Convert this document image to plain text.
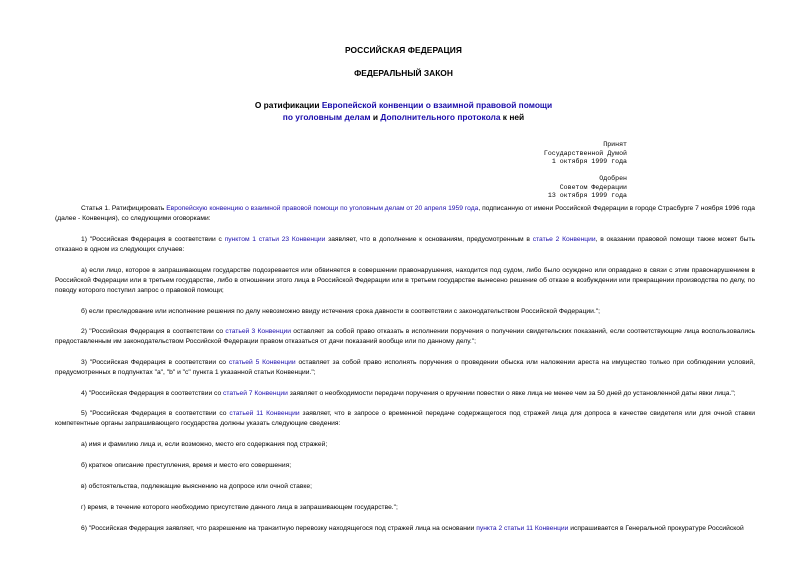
РОССИЙСКАЯ ФЕДЕРАЦИЯ
ФЕДЕРАЛЬНЫЙ ЗАКОН
О ратификации Европейской конвенции о взаимной правовой помощи
по уголовным делам и Дополнительного протокола к ней
Принят
Государственной Думой
1 октября 1999 года
Одобрен
Советом Федерации
13 октября 1999 года

Статья 1. Ратифицировать Европейскую конвенцию о взаимной правовой помощи по уголовным делам от 20 апреля 1959 года, подписанную от имени Российской Федерации в городе Страсбурге 7 ноября 1996 года (далее - Конвенция), со следующими оговорками:

1) "Российская Федерация в соответствии с пунктом 1 статьи 23 Конвенции заявляет, что в дополнение к основаниям, предусмотренным в статье 2 Конвенции, в оказании правовой помощи также может быть отказано в одном из следующих случаев:

а) если лицо, которое в запрашивающем государстве подозревается или обвиняется в совершении правонарушения, находится под судом, либо было осуждено или оправдано в связи с этим правонарушением в Российской Федерации или в третьем государстве, либо в отношении этого лица в Российской Федерации или в третьем государстве вынесено решение об отказе в возбуждении или прекращении производства по делу, по поводу которого поступил запрос о правовой помощи;

б) если преследование или исполнение решения по делу невозможно ввиду истечения срока давности в соответствии с законодательством Российской Федерации.";

2) "Российская Федерация в соответствии со статьей 3 Конвенции оставляет за собой право отказать в исполнении поручения о получении свидетельских показаний, если соответствующие лица воспользовались предоставленным им законодательством Российской Федерации правом отказаться от дачи показаний вообще или по данному делу.";

3) "Российская Федерация в соответствии со статьей 5 Конвенции оставляет за собой право исполнять поручения о проведении обыска или наложении ареста на имущество только при соблюдении условий, предусмотренных в подпунктах "a", "b" и "c" пункта 1 указанной статьи Конвенции.";

4) "Российская Федерация в соответствии со статьей 7 Конвенции заявляет о необходимости передачи поручения о вручении повестки о явке лица не менее чем за 50 дней до установленной даты явки лица.";

5) "Российская Федерация в соответствии со статьей 11 Конвенции заявляет, что в запросе о временной передаче содержащегося под стражей лица для допроса в качестве свидетеля или для очной ставки компетентные органы запрашивающего государства должны указать следующие сведения:

а) имя и фамилию лица и, если возможно, место его содержания под стражей;

б) краткое описание преступления, время и место его совершения;

в) обстоятельства, подлежащие выяснению на допросе или очной ставке;

г) время, в течение которого необходимо присутствие данного лица в запрашивающем государстве.";

6) "Российская Федерация заявляет, что разрешение на транзитную перевозку находящегося под стражей лица на основании пункта 2 статьи 11 Конвенции испрашивается в Генеральной прокуратуре Российской
